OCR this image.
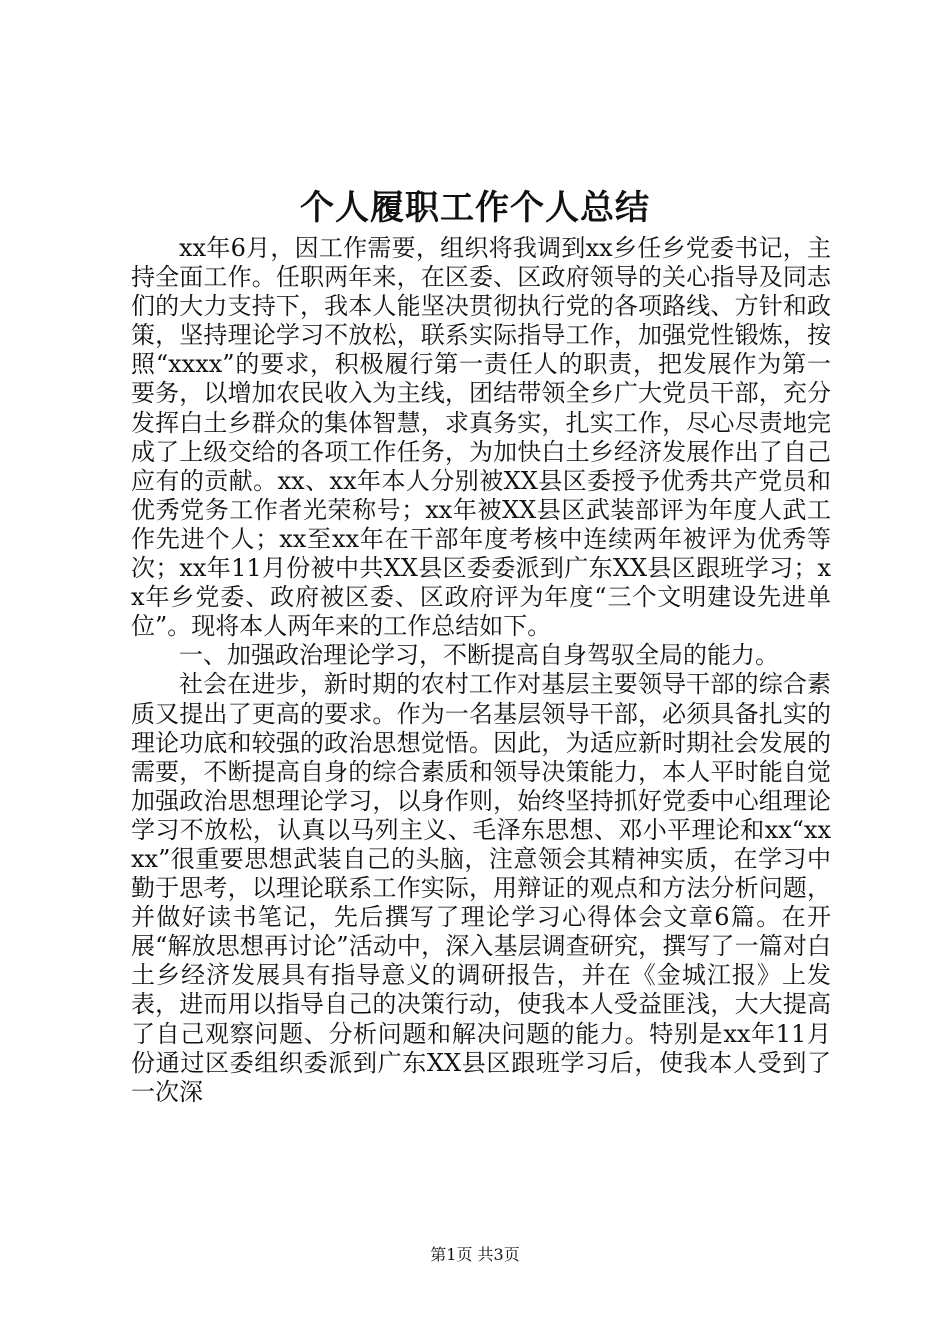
个人履职工作个人总结

xx年6月，因工作需要，组织将我调到xx乡任乡党委书记，主持全面工作。任职两年来，在区委、区政府领导的关心指导及同志们的大力支持下，我本人能坚决贯彻执行党的各项路线、方针和政策，坚持理论学习不放松，联系实际指导工作，加强党性锻炼，按照“xxxx”的要求，积极履行第一责任人的职责，把发展作为第一要务，以增加农民收入为主线，团结带领全乡广大党员干部，充分发挥白土乡群众的集体智慧，求真务实，扎实工作，尽心尽责地完成了上级交给的各项工作任务，为加快白土乡经济发展作出了自己应有的贡献。xx、xx年本人分别被XX县区委授予优秀共产党员和优秀党务工作者光荣称号；xx年被XX县区武装部评为年度人武工作先进个人；xx至xx年在干部年度考核中连续两年被评为优秀等次；xx年11月份被中共XX县区委委派到广东XX县区跟班学习；xx年乡党委、政府被区委、区政府评为年度“三个文明建设先进单位”。现将本人两年来的工作总结如下。

一、加强政治理论学习，不断提高自身驾驭全局的能力。

社会在进步，新时期的农村工作对基层主要领导干部的综合素质又提出了更高的要求。作为一名基层领导干部，必须具备扎实的理论功底和较强的政治思想觉悟。因此，为适应新时期社会发展的需要，不断提高自身的综合素质和领导决策能力，本人平时能自觉加强政治思想理论学习，以身作则，始终坚持抓好党委中心组理论学习不放松，认真以马列主义、毛泽东思想、邓小平理论和xx“xxxx”很重要思想武装自己的头脑，注意领会其精神实质，在学习中勤于思考，以理论联系工作实际，用辩证的观点和方法分析问题，并做好读书笔记，先后撰写了理论学习心得体会文章6篇。在开展“解放思想再讨论”活动中，深入基层调查研究，撰写了一篇对白土乡经济发展具有指导意义的调研报告，并在《金城江报》上发表，进而用以指导自己的决策行动，使我本人受益匪浅，大大提高了自己观察问题、分析问题和解决问题的能力。特别是xx年11月份通过区委组织委派到广东XX县区跟班学习后，使我本人受到了一次深

第1页 共3页
